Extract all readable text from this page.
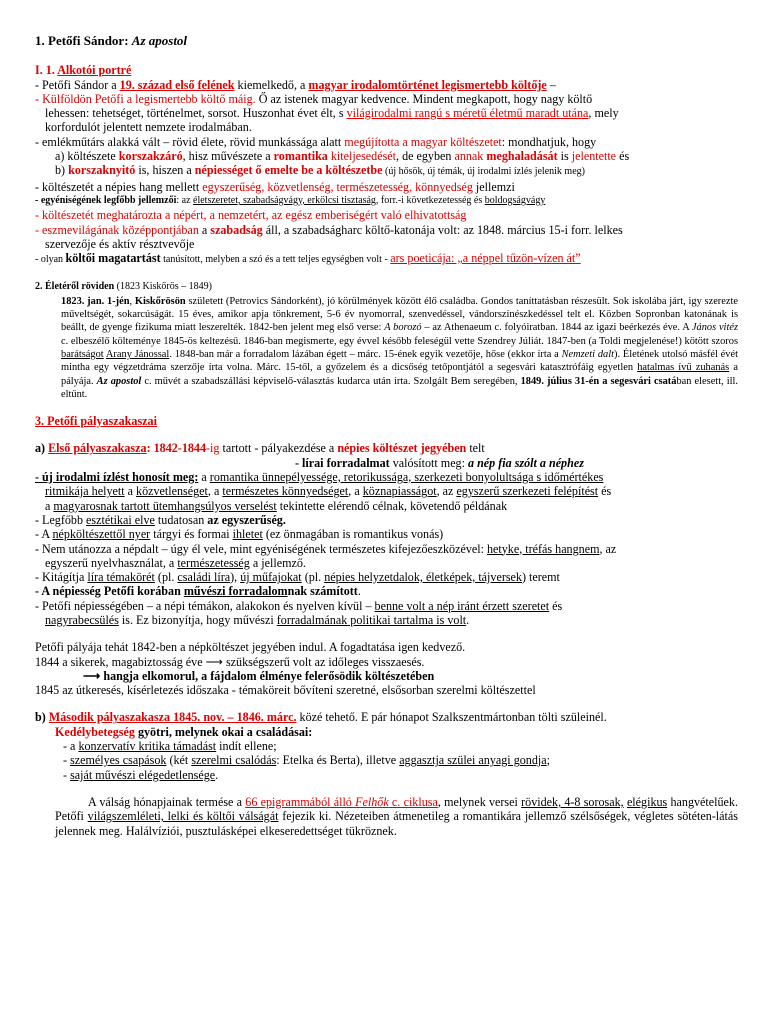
1. Petőfi Sándor: Az apostol

I. 1. Alkotói portré

- Petőfi Sándor a 19. század első felének kiemelkedő, a magyar irodalomtörténet legismertebb költője –

- Külföldön Petőfi a legismertebb költő máig. Ő az istenek magyar kedvence. Mindent megkapott, hogy nagy költő

lehessen: tehetséget, történelmet, sorsot. Huszonhat évet élt, s világirodalmi rangú s méretű életmű maradt utána, mely

korfordulót jelentett nemzete irodalmában.

- emlékműtárs alakká vált – rövid élete, rövid munkássága alatt megújította a magyar költészetet: mondhatjuk, hogy

a) költészete korszakzáró, hisz művészete a romantika kiteljesedését, de egyben annak meghaladását is jelentette és

b) korszaknyitó is, hiszen a népiességet ő emelte be a költészetbe (új hősök, új témák, új irodalmi ízlés jelenik meg)

- költészetét a népies hang mellett egyszerűség, közvetlenség, természetesség, könnyedség jellemzi

- egyéniségének legfőbb jellemzői: az életszeretet, szabadságvágy, erkölcsi tisztaság, forr.-i következetesség és boldogságvágy

- költészetét meghatározta a népért, a nemzetért, az egész emberiségért való elhivatottság

- eszmevilágának középpontjában a szabadság áll, a szabadságharc költő-katonája volt: az 1848. március 15-i forr. lelkes

szervezője és aktív résztvevője

- olyan költői magatartást tanúsított, melyben a szó és a tett teljes egységben volt - ars poeticája: „a néppel tűzön-vízen át”

2. Életéről röviden (1823 Kiskőrös – 1849)

1823. jan. 1-jén, Kiskőrösön született (Petrovics Sándorként), jó körülmények között élő családba. Gondos taníttatásban részesült. Sok iskolába járt, igy szerezte műveltségét, sokarcúságát. 15 éves, amikor apja tönkrement, 5-6 év nyomorral, szenvedéssel, vándorszínészkedéssel telt el. Közben Sopronban katonának is beállt, de gyenge fizikuma miatt leszerelték. 1842-ben jelent meg első verse: A borozó – az Athenaeum c. folyóiratban. 1844 az igazi beérkezés éve. A János vitéz c. elbeszélő költeménye 1845-ös keltezésű. 1846-ban megismerte, egy évvel később feleségül vette Szendrey Júliát. 1847-ben (a Toldi megjelenése!) kötött szoros barátságot Arany Jánossal. 1848-ban már a forradalom lázában égett – márc. 15-ének egyik vezetője, hőse (ekkor írta a Nemzeti dalt). Életének utolsó másfél évét mintha egy végzetdráma szerzője írta volna. Márc. 15-től, a győzelem és a dicsőség tetőpontjától a segesvári katasztrófáig egyetlen hatalmas ívű zuhanás a pályája. Az apostol c. művét a szabadszállási képviselő-választás kudarca után írta. Szolgált Bem seregében, 1849. július 31-én a segesvári csatában elesett, ill. eltűnt.

3. Petőfi pályaszakaszai

a) Első pályaszakasza: 1842-1844-ig tartott - pályakezdése a népies költészet jegyében telt

- lírai forradalmat valósított meg: a nép fia szólt a néphez

- új irodalmi ízlést honosít meg: a romantika ünnepélyessége, retorikussága, szerkezeti bonyolultsága s időmértékes

ritmikája helyett a közvetlenséget, a természetes könnyedséget, a köznapiasságot, az egyszerű szerkezeti felépítést és

a magyarosnak tartott ütemhangsúlyos verselést tekintette elérendő célnak, követendő példának

- Legfőbb esztétikai elve tudatosan az egyszerűség.

- A népköltészettől nyer tárgyi és formai ihletet (ez önmagában is romantikus vonás)

- Nem utánozza a népdalt – úgy él vele, mint egyéniségének természetes kifejezőeszközével: hetyke, tréfás hangnem, az

egyszerű nyelvhasználat, a természetesség a jellemző.

- Kitágítja líra témakörét (pl. családi líra), új műfajokat (pl. népies helyzetdalok, életképek, tájversek) teremt

- A népiesség Petőfi korában művészi forradalomnak számított.

- Petőfi népiességében – a népi témákon, alakokon és nyelven kívül – benne volt a nép iránt érzett szeretet és

nagyrabecsülés is. Ez bizonyítja, hogy művészi forradalmának politikai tartalma is volt.

Petőfi pályája tehát 1842-ben a népköltészet jegyében indul. A fogadtatása igen kedvező.

1844 a sikerek, magabiztosság éve ⟶ szükségszerű volt az időleges visszaesés.

⟶ hangja elkomorul, a fájdalom élménye felerősödik költészetében

1845 az útkeresés, kísérletezés időszaka - témaköreit bővíteni szeretné, elsősorban szerelmi költészettel

b) Második pályaszakasza 1845. nov. – 1846. márc. közé tehető. E pár hónapot Szalkszentmártonban tölti szüleinél.

Kedélybetegség gyötri, melynek okai a családásai:

- a konzervatív kritika támadást indít ellene;

- személyes csapások (két szerelmi csalódás: Etelka és Berta), illetve aggasztja szülei anyagi gondja;

- saját művészi elégedetlensége.

A válság hónapjainak termése a 66 epigrammából álló Felhők c. ciklusa, melynek versei rövidek, 4-8 sorosak, elégikus hangvételűek. Petőfi világszemléleti, lelki és költői válságát fejezik ki. Nézeteiben átmenetileg a romantikára jellemző szélsőségek, végletes sötéten-látás jelennek meg. Halálvíziói, pusztulásképei elkeseredettséget tükröznek.
